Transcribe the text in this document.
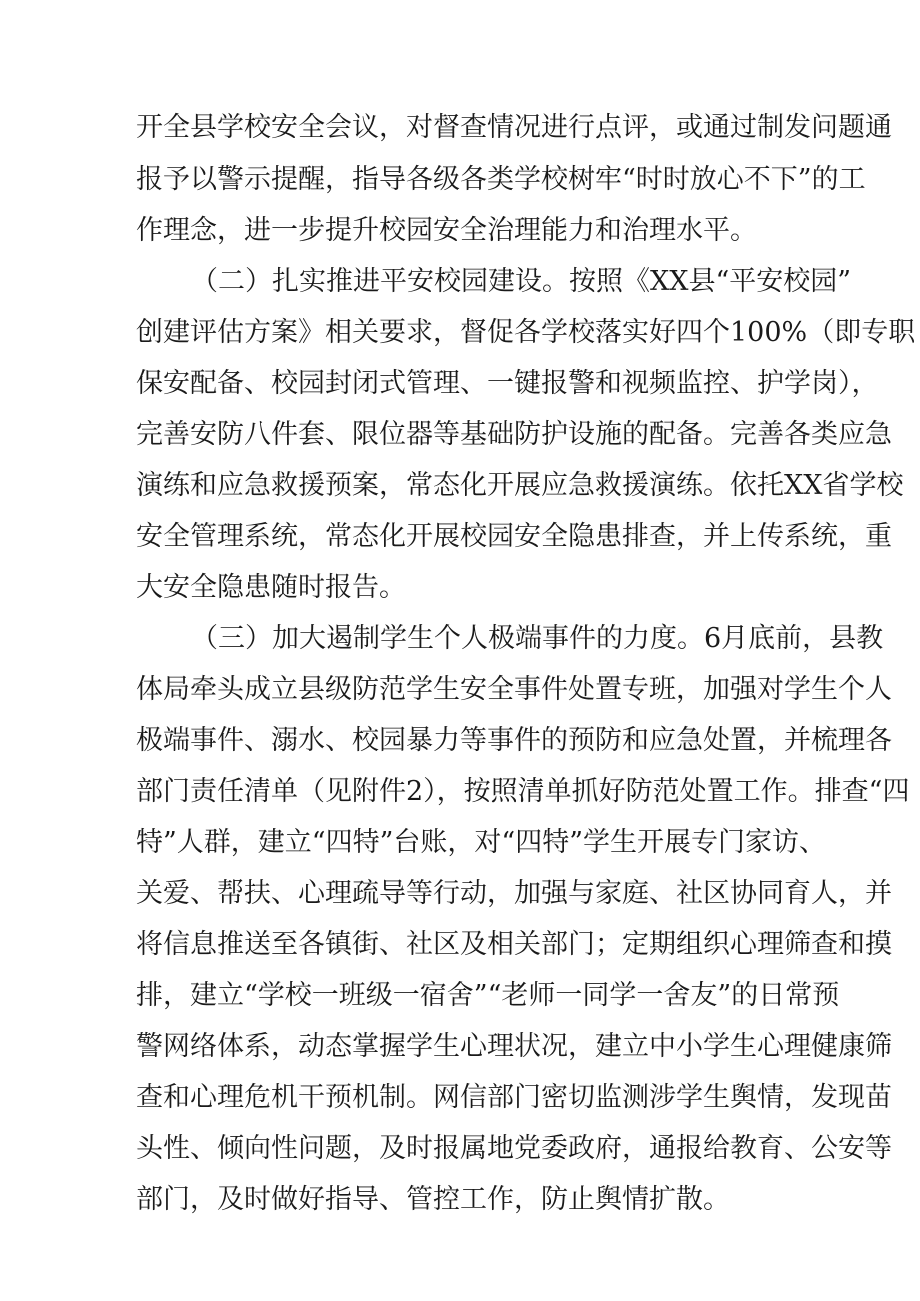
开全县学校安全会议，对督查情况进行点评，或通过制发问题通
报予以警示提醒，指导各级各类学校树牢“时时放心不下”的工
作理念，进一步提升校园安全治理能力和治理水平。
（二）扎实推进平安校园建设。按照《XX县“平安校园”
创建评估方案》相关要求，督促各学校落实好四个100%（即专职
保安配备、校园封闭式管理、一键报警和视频监控、护学岗），
完善安防八件套、限位器等基础防护设施的配备。完善各类应急
演练和应急救援预案，常态化开展应急救援演练。依托XX省学校
安全管理系统，常态化开展校园安全隐患排查，并上传系统，重
大安全隐患随时报告。
（三）加大遏制学生个人极端事件的力度。6月底前，县教
体局牵头成立县级防范学生安全事件处置专班，加强对学生个人
极端事件、溺水、校园暴力等事件的预防和应急处置，并梳理各
部门责任清单（见附件2），按照清单抓好防范处置工作。排查“四
特”人群，建立“四特”台账，对“四特”学生开展专门家访、
关爱、帮扶、心理疏导等行动，加强与家庭、社区协同育人，并
将信息推送至各镇街、社区及相关部门；定期组织心理筛查和摸
排，建立“学校一班级一宿舍”“老师一同学一舍友”的日常预
警网络体系，动态掌握学生心理状况，建立中小学生心理健康筛
查和心理危机干预机制。网信部门密切监测涉学生舆情，发现苗
头性、倾向性问题，及时报属地党委政府，通报给教育、公安等
部门，及时做好指导、管控工作，防止舆情扩散。
